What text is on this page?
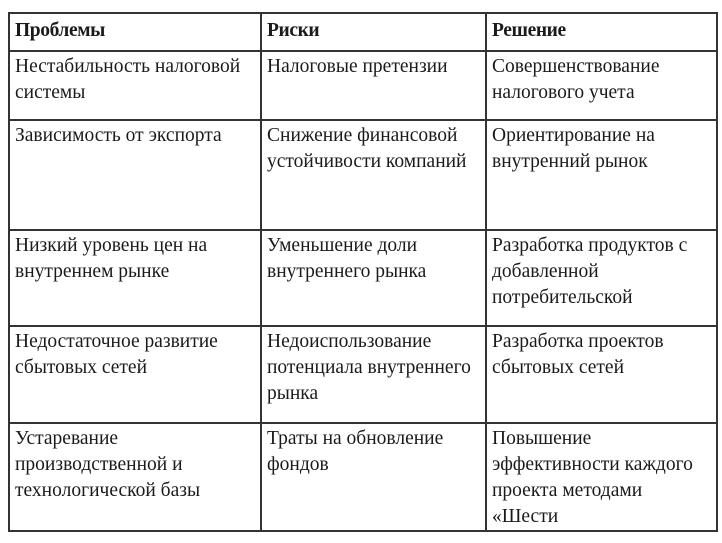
Проблемы	Риски	Решение

Нестабильность налоговой системы	Налоговые претензии	Совершенствование налогового учета

Зависимость от экспорта	Снижение финансовой устойчивости компаний	Ориентирование на внутренний рынок

Низкий уровень цен на внутреннем рынке	Уменьшение доли внутреннего рынка	Разработка продуктов с добавленной потребительской

Недостаточное развитие сбытовых сетей	Недоиспользование потенциала внутреннего рынка	Разработка проектов сбытовых сетей

Устаревание производственной и технологической базы	Траты на обновление фондов	Повышение эффективности каждого проекта методами «Шести
